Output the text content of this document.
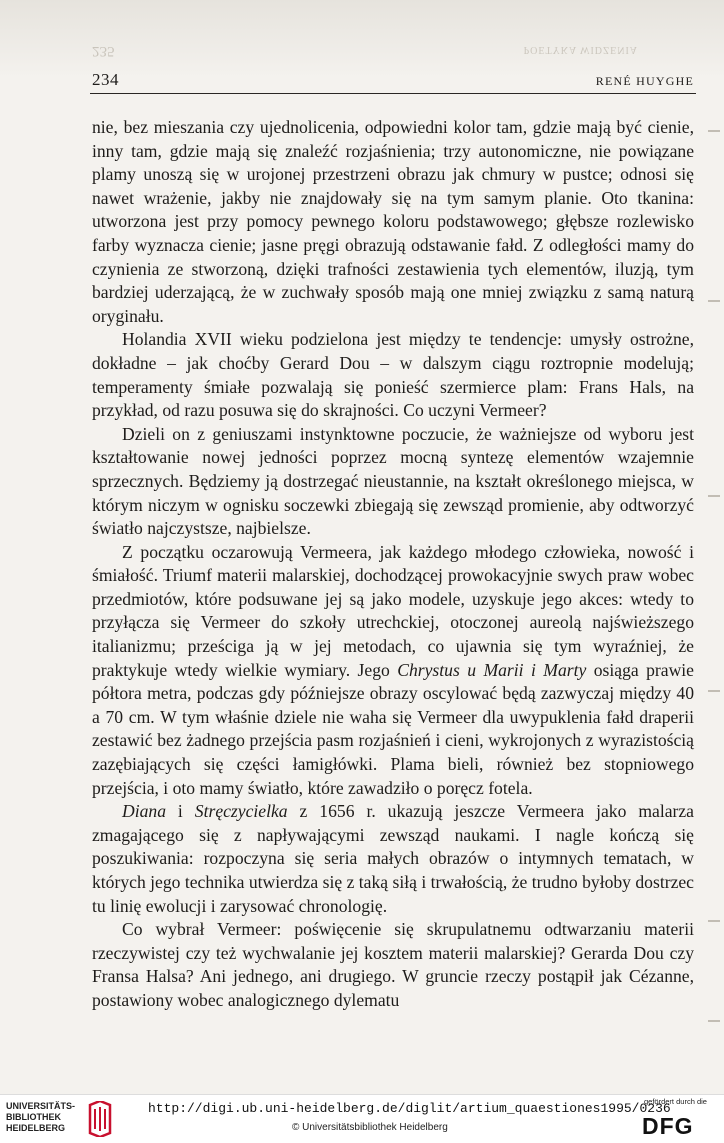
235	POETYKA WIDZENIA
234	RENÉ HUYGHE

nie, bez mieszania czy ujednolicenia, odpowiedni kolor tam, gdzie mają być cienie, inny tam, gdzie mają się znaleźć rozjaśnienia; trzy autonomiczne, nie powiązane plamy unoszą się w urojonej przestrzeni obrazu jak chmury w pustce; odnosi się nawet wrażenie, jakby nie znajdowały się na tym samym planie. Oto tkanina: utworzona jest przy pomocy pewnego koloru podstawowego; głębsze rozlewisko farby wyznacza cienie; jasne pręgi obrazują odstawanie fałd. Z odległości mamy do czynienia ze stworzoną, dzięki trafności zestawienia tych elementów, iluzją, tym bardziej uderzającą, że w zuchwały sposób mają one mniej związku z samą naturą oryginału.

Holandia XVII wieku podzielona jest między te tendencje: umysły ostrożne, dokładne – jak choćby Gerard Dou – w dalszym ciągu roztropnie modelują; temperamenty śmiałe pozwalają się ponieść szermierce plam: Frans Hals, na przykład, od razu posuwa się do skrajności. Co uczyni Vermeer?

Dzieli on z geniuszami instynktowne poczucie, że ważniejsze od wyboru jest kształtowanie nowej jedności poprzez mocną syntezę elementów wzajemnie sprzecznych. Będziemy ją dostrzegać nieustannie, na kształt określonego miejsca, w którym niczym w ognisku soczewki zbiegają się zewsząd promienie, aby odtworzyć światło najczystsze, najbielsze.

Z początku oczarowują Vermeera, jak każdego młodego człowieka, nowość i śmiałość. Triumf materii malarskiej, dochodzącej prowokacyjnie swych praw wobec przedmiotów, które podsuwane jej są jako modele, uzyskuje jego akces: wtedy to przyłącza się Vermeer do szkoły utrechckiej, otoczonej aureolą najświeższego italianizmu; prześciga ją w jej metodach, co ujawnia się tym wyraźniej, że praktykuje wtedy wielkie wymiary. Jego Chrystus u Marii i Marty osiąga prawie półtora metra, podczas gdy późniejsze obrazy oscylować będą zazwyczaj między 40 a 70 cm. W tym właśnie dziele nie waha się Vermeer dla uwypuklenia fałd draperii zestawić bez żadnego przejścia pasm rozjaśnień i cieni, wykrojonych z wyrazistością zazębiających się części łamigłówki. Plama bieli, również bez stopniowego przejścia, i oto mamy światło, które zawadziło o poręcz fotela.

Diana i Stręczycielka z 1656 r. ukazują jeszcze Vermeera jako malarza zmagającego się z napływającymi zewsząd naukami. I nagle kończą się poszukiwania: rozpoczyna się seria małych obrazów o intymnych tematach, w których jego technika utwierdza się z taką siłą i trwałością, że trudno byłoby dostrzec tu linię ewolucji i zarysować chronologię.

Co wybrał Vermeer: poświęcenie się skrupulatnemu odtwarzaniu materii rzeczywistej czy też wychwalanie jej kosztem materii malarskiej? Gerarda Dou czy Fransa Halsa? Ani jednego, ani drugiego. W gruncie rzeczy postąpił jak Cézanne, postawiony wobec analogicznego dylematu

UNIVERSITÄTS-
BIBLIOTHEK
HEIDELBERG
http://digi.ub.uni-heidelberg.de/diglit/artium_quaestiones1995/0236
© Universitätsbibliothek Heidelberg
gefördert durch die
DFG
